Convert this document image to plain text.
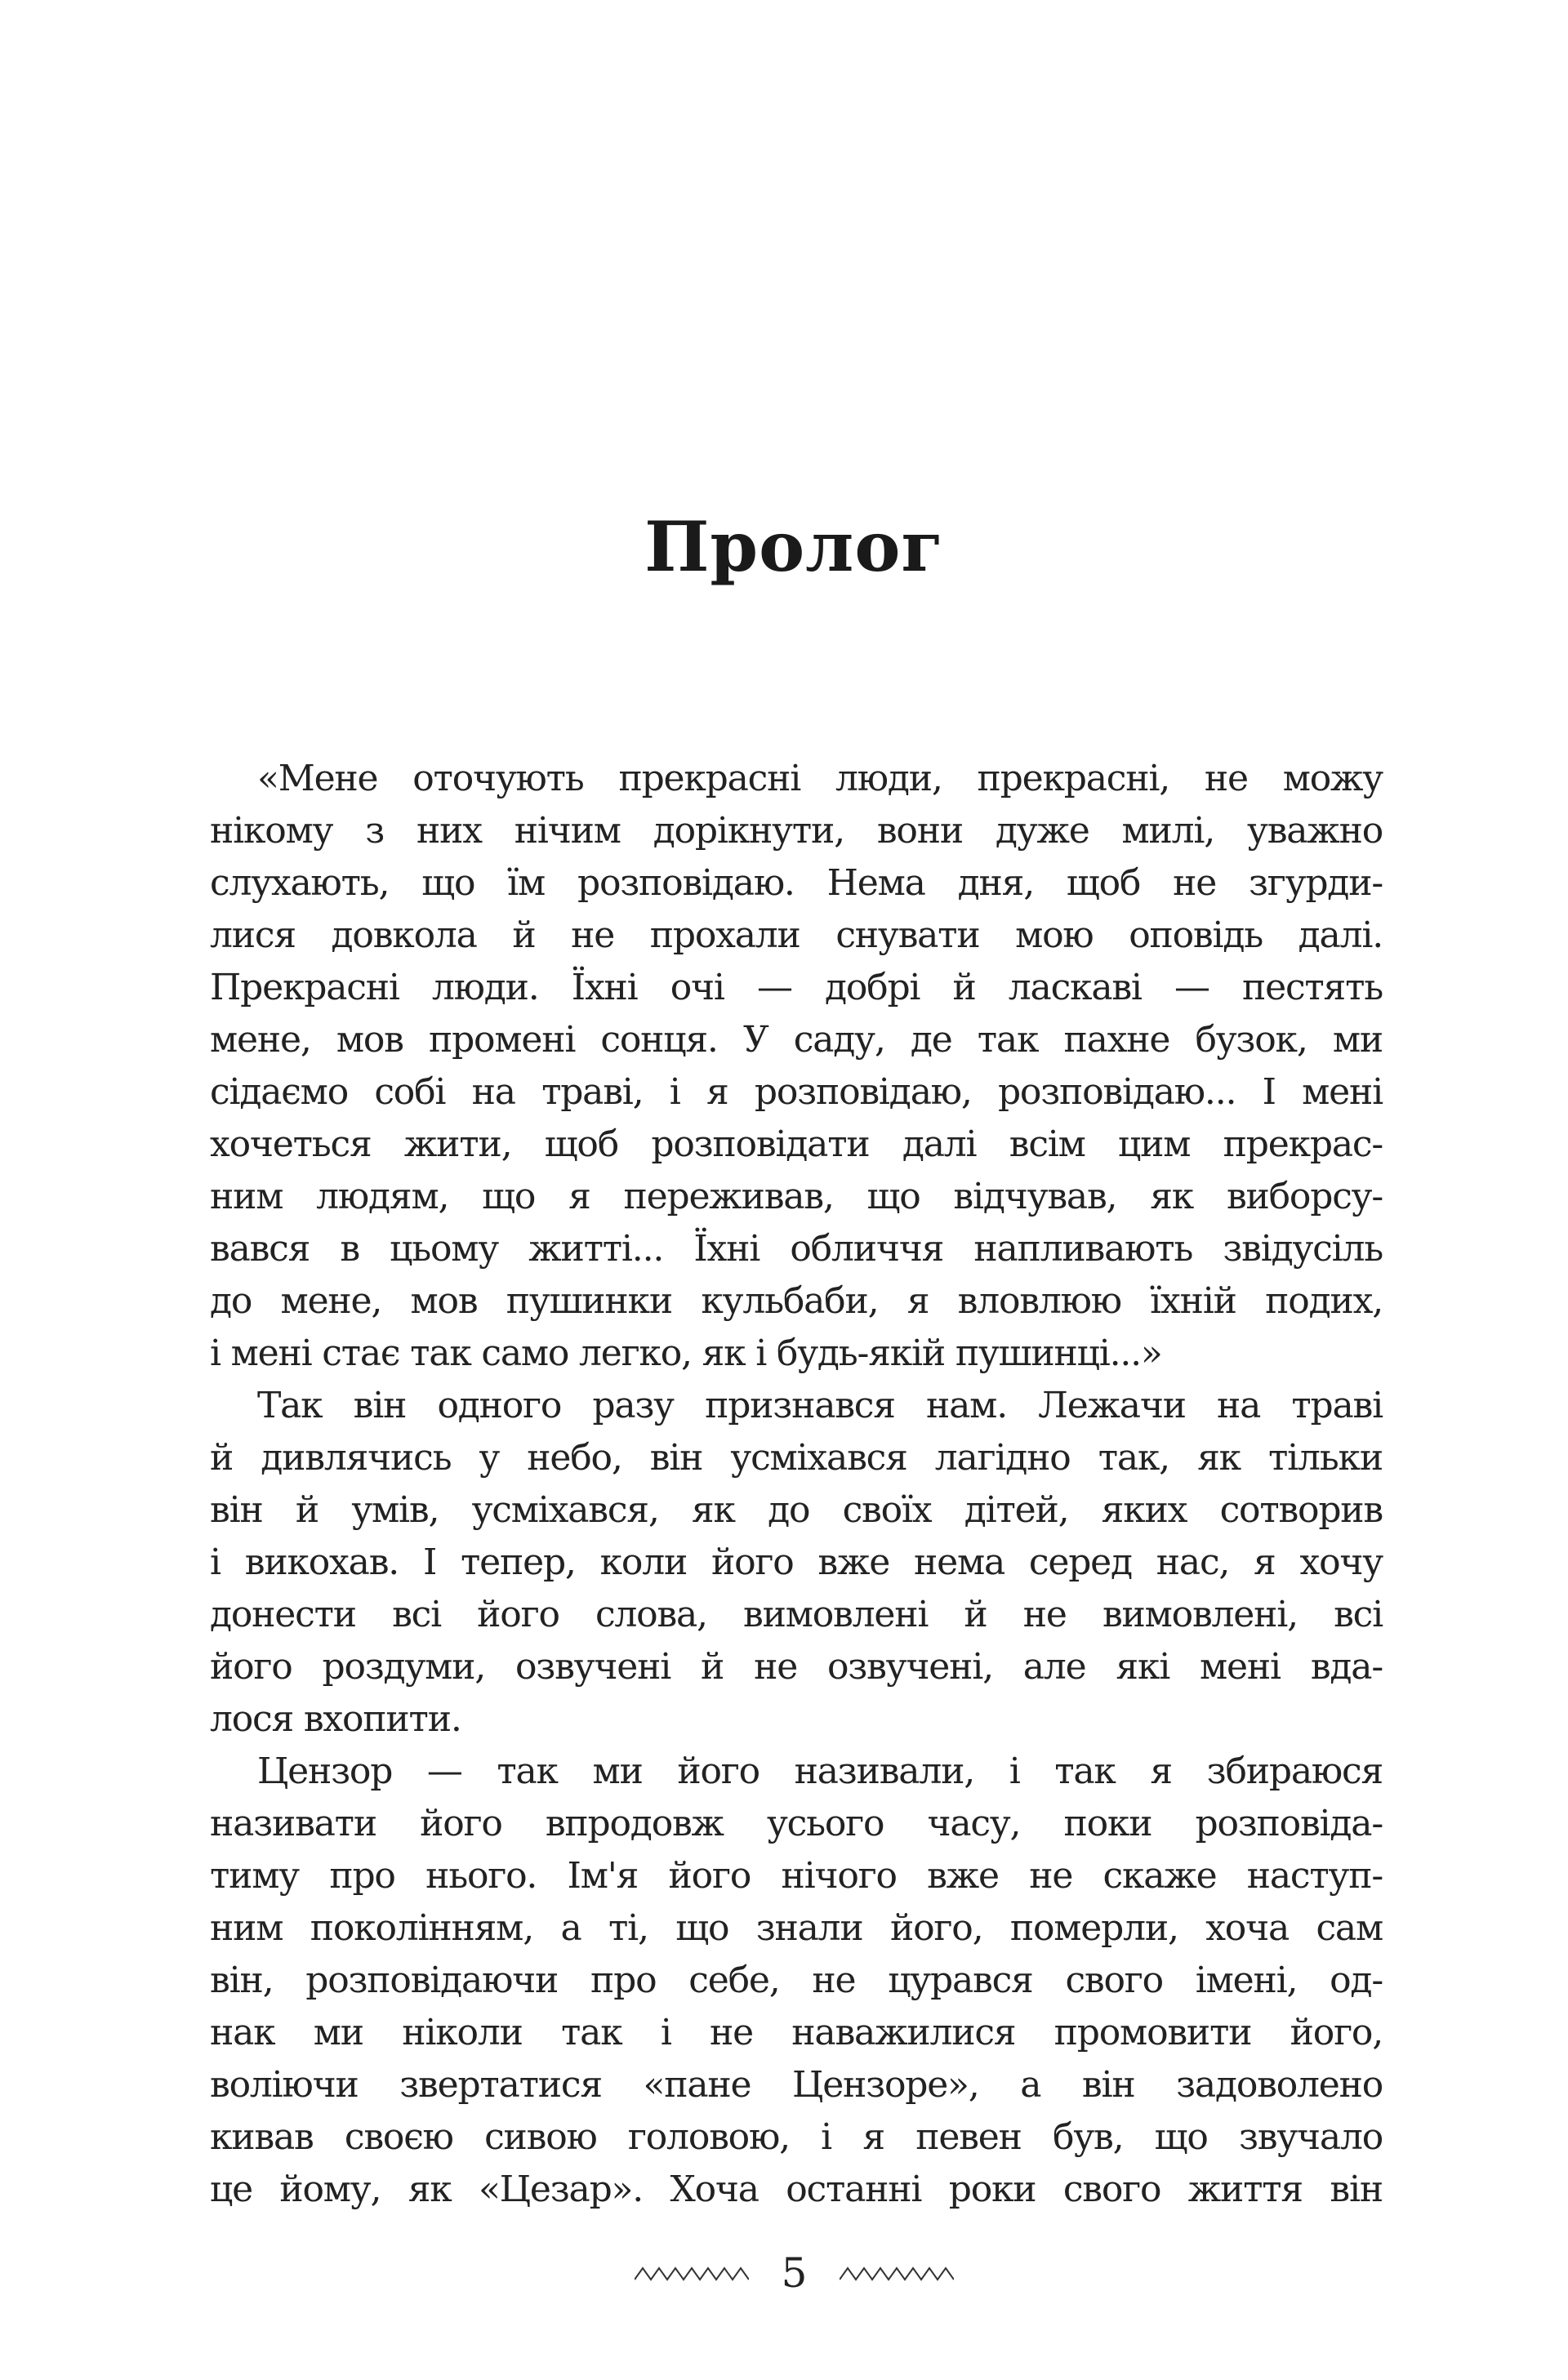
Пролог
«Мене оточують прекрасні люди, прекрасні, не можу
нікому з них нічим дорікнути, вони дуже милі, уважно
слухають, що їм розповідаю. Нема дня, щоб не згурди-
лися довкола й не прохали снувати мою оповідь далі.
Прекрасні люди. Їхні очі — добрі й ласкаві — пестять
мене, мов промені сонця. У саду, де так пахне бузок, ми
сідаємо собі на траві, і я розповідаю, розповідаю... І мені
хочеться жити, щоб розповідати далі всім цим прекрас-
ним людям, що я переживав, що відчував, як виборсу-
вався в цьому житті... Їхні обличчя напливають звідусіль
до мене, мов пушинки кульбаби, я вловлюю їхній подих,
і мені стає так само легко, як і будь-якій пушинці...»
Так він одного разу признався нам. Лежачи на траві
й дивлячись у небо, він усміхався лагідно так, як тільки
він й умів, усміхався, як до своїх дітей, яких сотворив
і викохав. І тепер, коли його вже нема серед нас, я хочу
донести всі його слова, вимовлені й не вимовлені, всі
його роздуми, озвучені й не озвучені, але які мені вда-
лося вхопити.
Цензор — так ми його називали, і так я збираюся
називати його впродовж усього часу, поки розповіда-
тиму про нього. Ім'я його нічого вже не скаже наступ-
ним поколінням, а ті, що знали його, померли, хоча сам
він, розповідаючи про себе, не цурався свого імені, од-
нак ми ніколи так і не наважилися промовити його,
воліючи звертатися «пане Цензоре», а він задоволено
кивав своєю сивою головою, і я певен був, що звучало
це йому, як «Цезар». Хоча останні роки свого життя він
5
